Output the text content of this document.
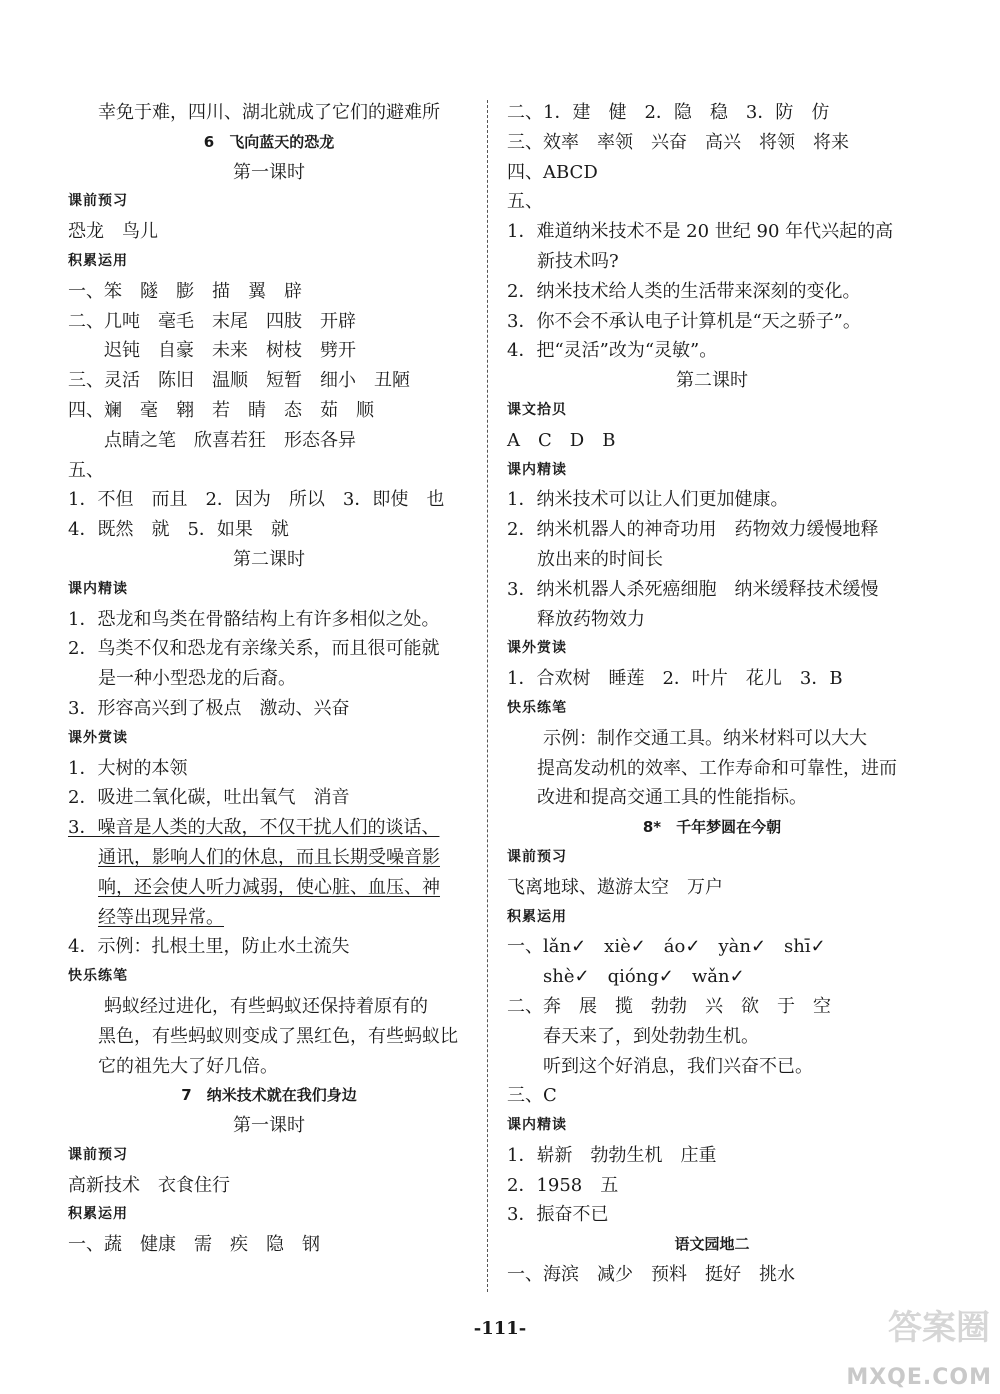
幸免于难，四川、湖北就成了它们的避难所
6　飞向蓝天的恐龙
第一课时
课前预习
恐龙　鸟儿
积累运用
一、笨　隧　膨　描　翼　辟
二、几吨　毫毛　末尾　四肢　开辟
迟钝　自豪　未来　树枝　劈开
三、灵活　陈旧　温顺　短暂　细小　丑陋
四、斓　毫　翱　若　睛　态　茹　顺
点睛之笔　欣喜若狂　形态各异
五、
1．不但　而且　2．因为　所以　3．即使　也
4．既然　就　5．如果　就
第二课时
课内精读
1．恐龙和鸟类在骨骼结构上有许多相似之处。
2．鸟类不仅和恐龙有亲缘关系，而且很可能就
是一种小型恐龙的后裔。
3．形容高兴到了极点　激动、兴奋
课外赏读
1．大树的本领
2．吸进二氧化碳，吐出氧气　消音
3．噪音是人类的大敌，不仅干扰人们的谈话、
通讯，影响人们的休息，而且长期受噪音影
响，还会使人听力减弱，使心脏、血压、神
经等出现异常。
4．示例：扎根土里，防止水土流失
快乐练笔
蚂蚁经过进化，有些蚂蚁还保持着原有的
黑色，有些蚂蚁则变成了黑红色，有些蚂蚁比
它的祖先大了好几倍。
7　纳米技术就在我们身边
第一课时
课前预习
高新技术　衣食住行
积累运用
一、蔬　健康　需　疾　隐　钢
二、1．建　健　2．隐　稳　3．防　仿
三、效率　率领　兴奋　高兴　将领　将来
四、ABCD
五、
1．难道纳米技术不是 20 世纪 90 年代兴起的高
新技术吗?
2．纳米技术给人类的生活带来深刻的变化。
3．你不会不承认电子计算机是“天之骄子”。
4．把“灵活”改为“灵敏”。
第二课时
课文拾贝
A　C　D　B
课内精读
1．纳米技术可以让人们更加健康。
2．纳米机器人的神奇功用　药物效力缓慢地释
放出来的时间长
3．纳米机器人杀死癌细胞　纳米缓释技术缓慢
释放药物效力
课外赏读
1．合欢树　睡莲　2．叶片　花儿　3．B
快乐练笔
示例：制作交通工具。纳米材料可以大大
提高发动机的效率、工作寿命和可靠性，进而
改进和提高交通工具的性能指标。
8*　千年梦圆在今朝
课前预习
飞离地球、遨游太空　万户
积累运用
一、lǎn✓　xiè✓　áo✓　yàn✓　shī✓
shè✓　qióng✓　wǎn✓
二、奔　展　揽　勃勃　兴　欲　于　空
春天来了，到处勃勃生机。
听到这个好消息，我们兴奋不已。
三、C
课内精读
1．崭新　勃勃生机　庄重
2．1958　五
3．振奋不已
语文园地二
一、海滨　减少　预料　挺好　挑水
-111-	答案圈
MXQE.COM
